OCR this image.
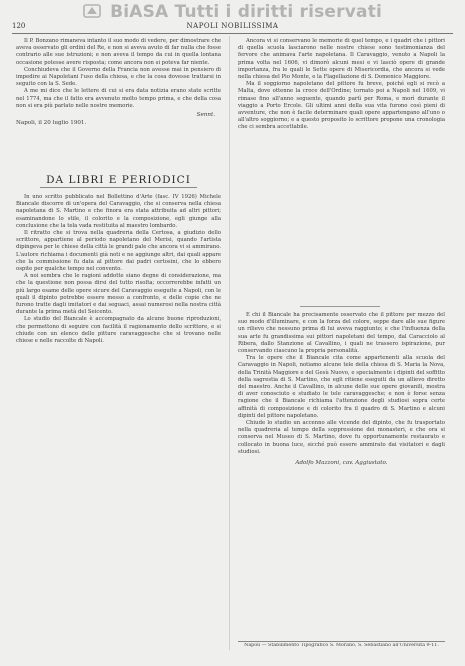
BiASA Tutti i diritti riservati
120	NAPOLI NOBILISSIMA

Il P. Bonzano rimaneva intanto il suo modo di vedere, per dimostrare che aveva osservato gli ordini del Re, e non si aveva avuto di far nulla che fosse contrario alle sue istruzioni; e non aveva il tempo da cui in quella lontana occasione potesse avere risposta; come ancora non si poteva far niente.

Conchiudeva che il Governo della Francia non avesse mai in pensiero di impedire ai Napoletani l'uso della chiesa, e che la cosa dovesse trattarsi in seguito con la S. Sede.

A me mi dice che le lettere di cui si era data notizia erano state scritte nel 1774, ma che il fatto era avvenuto molto tempo prima, e che della cosa non si era più parlato nelle nostre memorie.

Sennt.
Napoli, il 20 luglio 1901.
DA LIBRI E PERIODICI

In uno scritto pubblicato nel Bollettino d'Arte (fasc. IV 1926) Michele Biancale discorre di un'opera del Caravaggio, che si conserva nella chiesa napoletana di S. Martino e che finora era stata attribuita ad altri pittori; esaminandone lo stile, il colorito e la composizione, egli giunge alla conclusione che la tela vada restituita al maestro lombardo.

Il ritratto che si trova nella quadreria della Certosa, a giudizio dello scrittore, appartiene al periodo napoletano del Merisi, quando l'artista dipingeva per le chiese della città le grandi pale che ancora vi si ammirano. L'autore richiama i documenti già noti e ne aggiunge altri, dai quali appare che la commissione fu data al pittore dai padri certosini, che lo ebbero ospite per qualche tempo nel convento.

A noi sembra che le ragioni addotte siano degne di considerazione, ma che la questione non possa dirsi del tutto risolta; occorrerebbe infatti un più largo esame delle opere sicure del Caravaggio eseguite a Napoli, con le quali il dipinto potrebbe essere messo a confronto, e delle copie che ne furono tratte dagli imitatori e dai seguaci, assai numerosi nella nostra città durante la prima metà del Seicento.

Lo studio del Biancale è accompagnato da alcune buone riproduzioni, che permettono di seguire con facilità il ragionamento dello scrittore, e si chiude con un elenco delle pitture caravaggesche che si trovano nelle chiese e nelle raccolte di Napoli.

Ancora vi si conservano le memorie di quel tempo, e i quadri che i pittori di quella scuola lasciarono nelle nostre chiese sono testimonianza del fervore che animava l'arte napoletana. Il Caravaggio, venuto a Napoli la prima volta nel 1606, vi dimorò alcuni mesi e vi lasciò opere di grande importanza, fra le quali le Sette opere di Misericordia, che ancora si vede nella chiesa del Pio Monte, e la Flagellazione di S. Domenico Maggiore.

Ma il soggiorno napoletano del pittore fu breve, poiché egli si recò a Malta, dove ottenne la croce dell'Ordine; tornato poi a Napoli nel 1609, vi rimase fino all'anno seguente, quando partì per Roma, e morì durante il viaggio a Porto Ercole. Gli ultimi anni della sua vita furono così pieni di avventure, che non è facile determinare quali opere appartengano all'uno o all'altro soggiorno; e a questo proposito lo scrittore propone una cronologia che ci sembra accettabile.

E chi il Biancale ha precisamente osservato che il pittore per mezzo del suo modo d'illuminare, e con la forza del colore, seppe dare alle sue figure un rilievo che nessuno prima di lui aveva raggiunto; e che l'influenza della sua arte fu grandissima sui pittori napoletani del tempo, dal Caracciolo al Ribera, dallo Stanzione al Cavallino, i quali ne trassero ispirazione, pur conservando ciascuno la propria personalità.

Tra le opere che il Biancale cita come appartenenti alla scuola del Caravaggio in Napoli, notiamo alcune tele della chiesa di S. Maria la Nova, della Trinità Maggiore e del Gesù Nuovo, e specialmente i dipinti del soffitto della sagrestia di S. Martino, che egli ritiene eseguiti da un allievo diretto del maestro. Anche il Cavallino, in alcune delle sue opere giovanili, mostra di aver conosciuto e studiato le tele caravaggesche; e non è forse senza ragione che il Biancale richiama l'attenzione degli studiosi sopra certe affinità di composizione e di colorito fra il quadro di S. Martino e alcuni dipinti del pittore napoletano.

Chiude lo studio un accenno alle vicende del dipinto, che fu trasportato nella quadreria al tempo della soppressione dei monasteri, e che ora si conserva nel Museo di S. Martino, dove fu opportunamente restaurato e collocato in buona luce, sicché può essere ammirato dai visitatori e dagli studiosi.

Adolfo Mazzoni, cav. Aggiustato.
Napoli — Stabilimento Tipografico S. Morano, S. Sebastiano all'Università 9-11.
